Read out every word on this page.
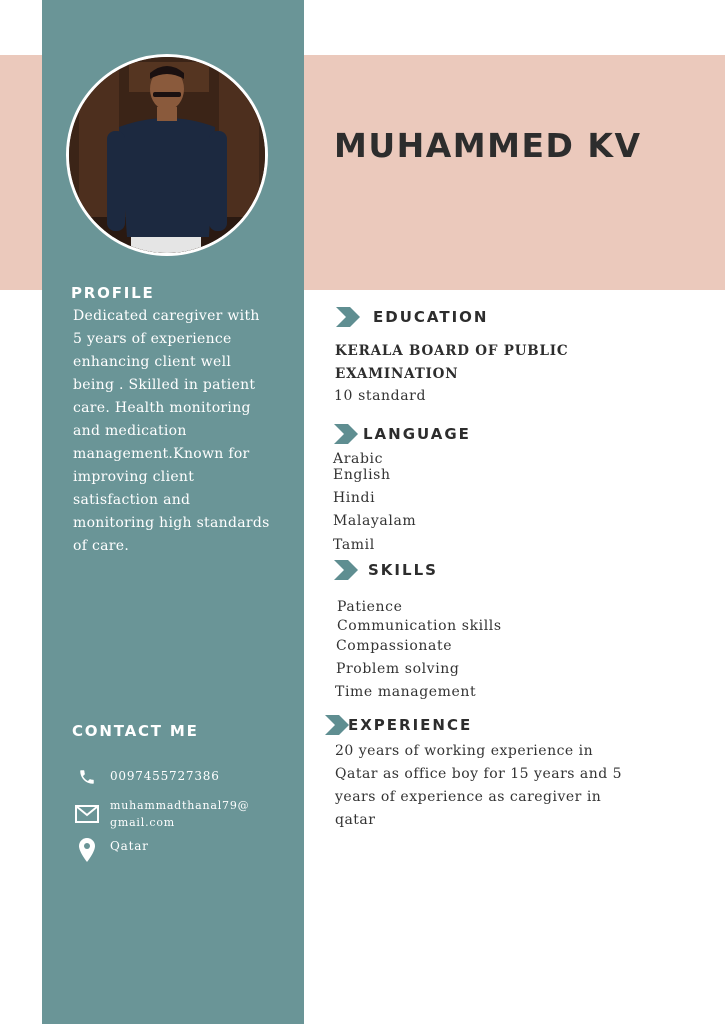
MUHAMMED KV
PROFILE

Dedicated caregiver with 5 years of experience enhancing client well being . Skilled in patient care. Health monitoring and medication management.Known for improving client satisfaction and monitoring high standards of care.

CONTACT ME
0097455727386
muhammadthanal79@
gmail.com
Qatar
EDUCATION

KERALA BOARD OF PUBLIC
EXAMINATION

10 standard

LANGUAGE

Arabic

English

Hindi

Malayalam

Tamil

SKILLS

Patience

Communication skills

Compassionate

Problem solving

Time management

EXPERIENCE

20 years of working experience in Qatar as office boy for 15 years and 5 years of experience as caregiver in qatar
